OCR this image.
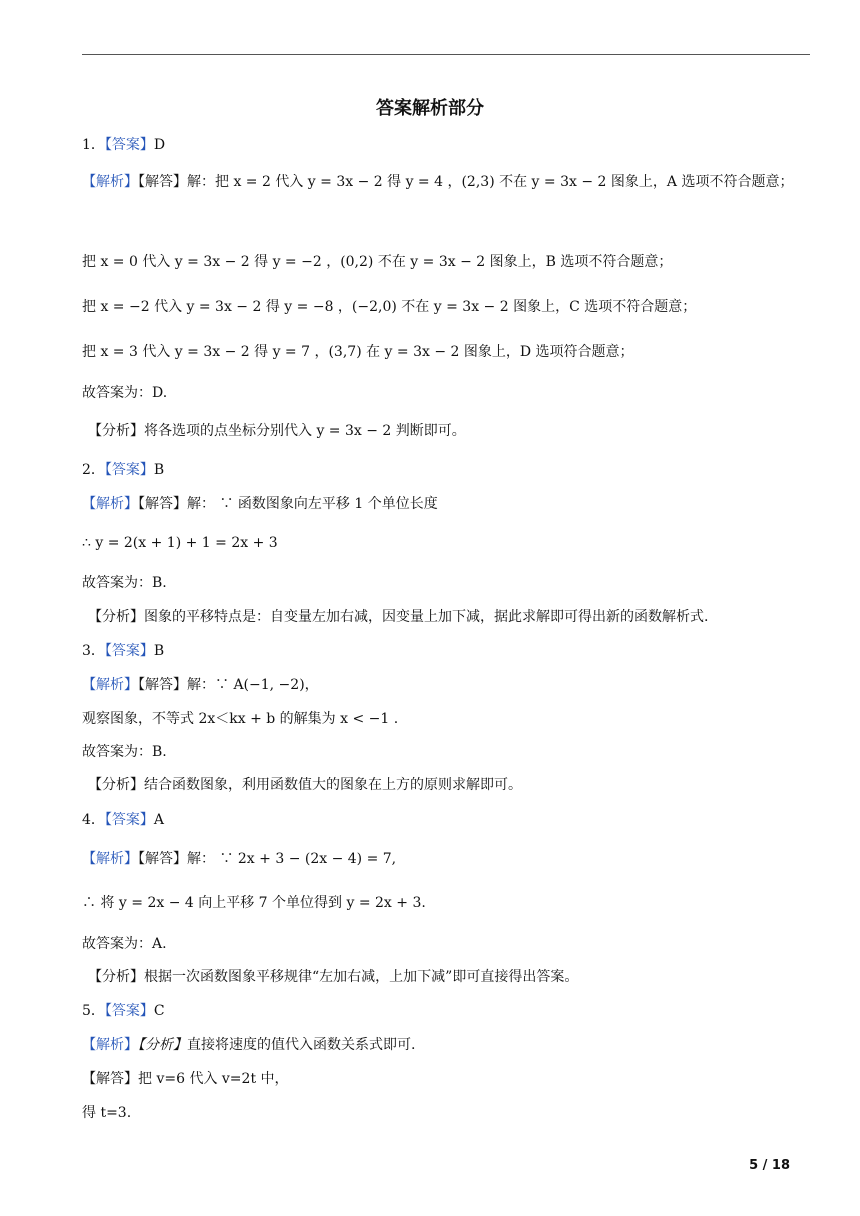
答案解析部分
1．【答案】D
【解析】【解答】解：把 x = 2 代入 y = 3x − 2 得 y = 4 ，(2,3) 不在 y = 3x − 2 图象上，A 选项不符合题意；
把 x = 0 代入 y = 3x − 2 得 y = −2 ，(0,2) 不在 y = 3x − 2 图象上，B 选项不符合题意；
把 x = −2 代入 y = 3x − 2 得 y = −8 ，(−2,0) 不在 y = 3x − 2 图象上，C 选项不符合题意；
把 x = 3 代入 y = 3x − 2 得 y = 7 ，(3,7) 在 y = 3x − 2 图象上，D 选项符合题意；
故答案为：D.
【分析】将各选项的点坐标分别代入 y = 3x − 2 判断即可。
2．【答案】B
【解析】【解答】解： ∵ 函数图象向左平移 1 个单位长度
∴ y = 2(x + 1) + 1 = 2x + 3
故答案为：B.
【分析】图象的平移特点是：自变量左加右减，因变量上加下减，据此求解即可得出新的函数解析式.
3．【答案】B
【解析】【解答】解：∵ A(−1, −2)，
观察图象，不等式 2x＜kx + b 的解集为 x < −1 .
故答案为：B.
【分析】结合函数图象，利用函数值大的图象在上方的原则求解即可。
4．【答案】A
【解析】【解答】解： ∵ 2x + 3 − (2x − 4) = 7,
∴ 将 y = 2x − 4 向上平移 7 个单位得到 y = 2x + 3.
故答案为：A.
【分析】根据一次函数图象平移规律“左加右减，上加下减”即可直接得出答案。
5．【答案】C
【解析】【分析】直接将速度的值代入函数关系式即可.
【解答】把 v=6 代入 v=2t 中，
得 t=3.
5 / 18
